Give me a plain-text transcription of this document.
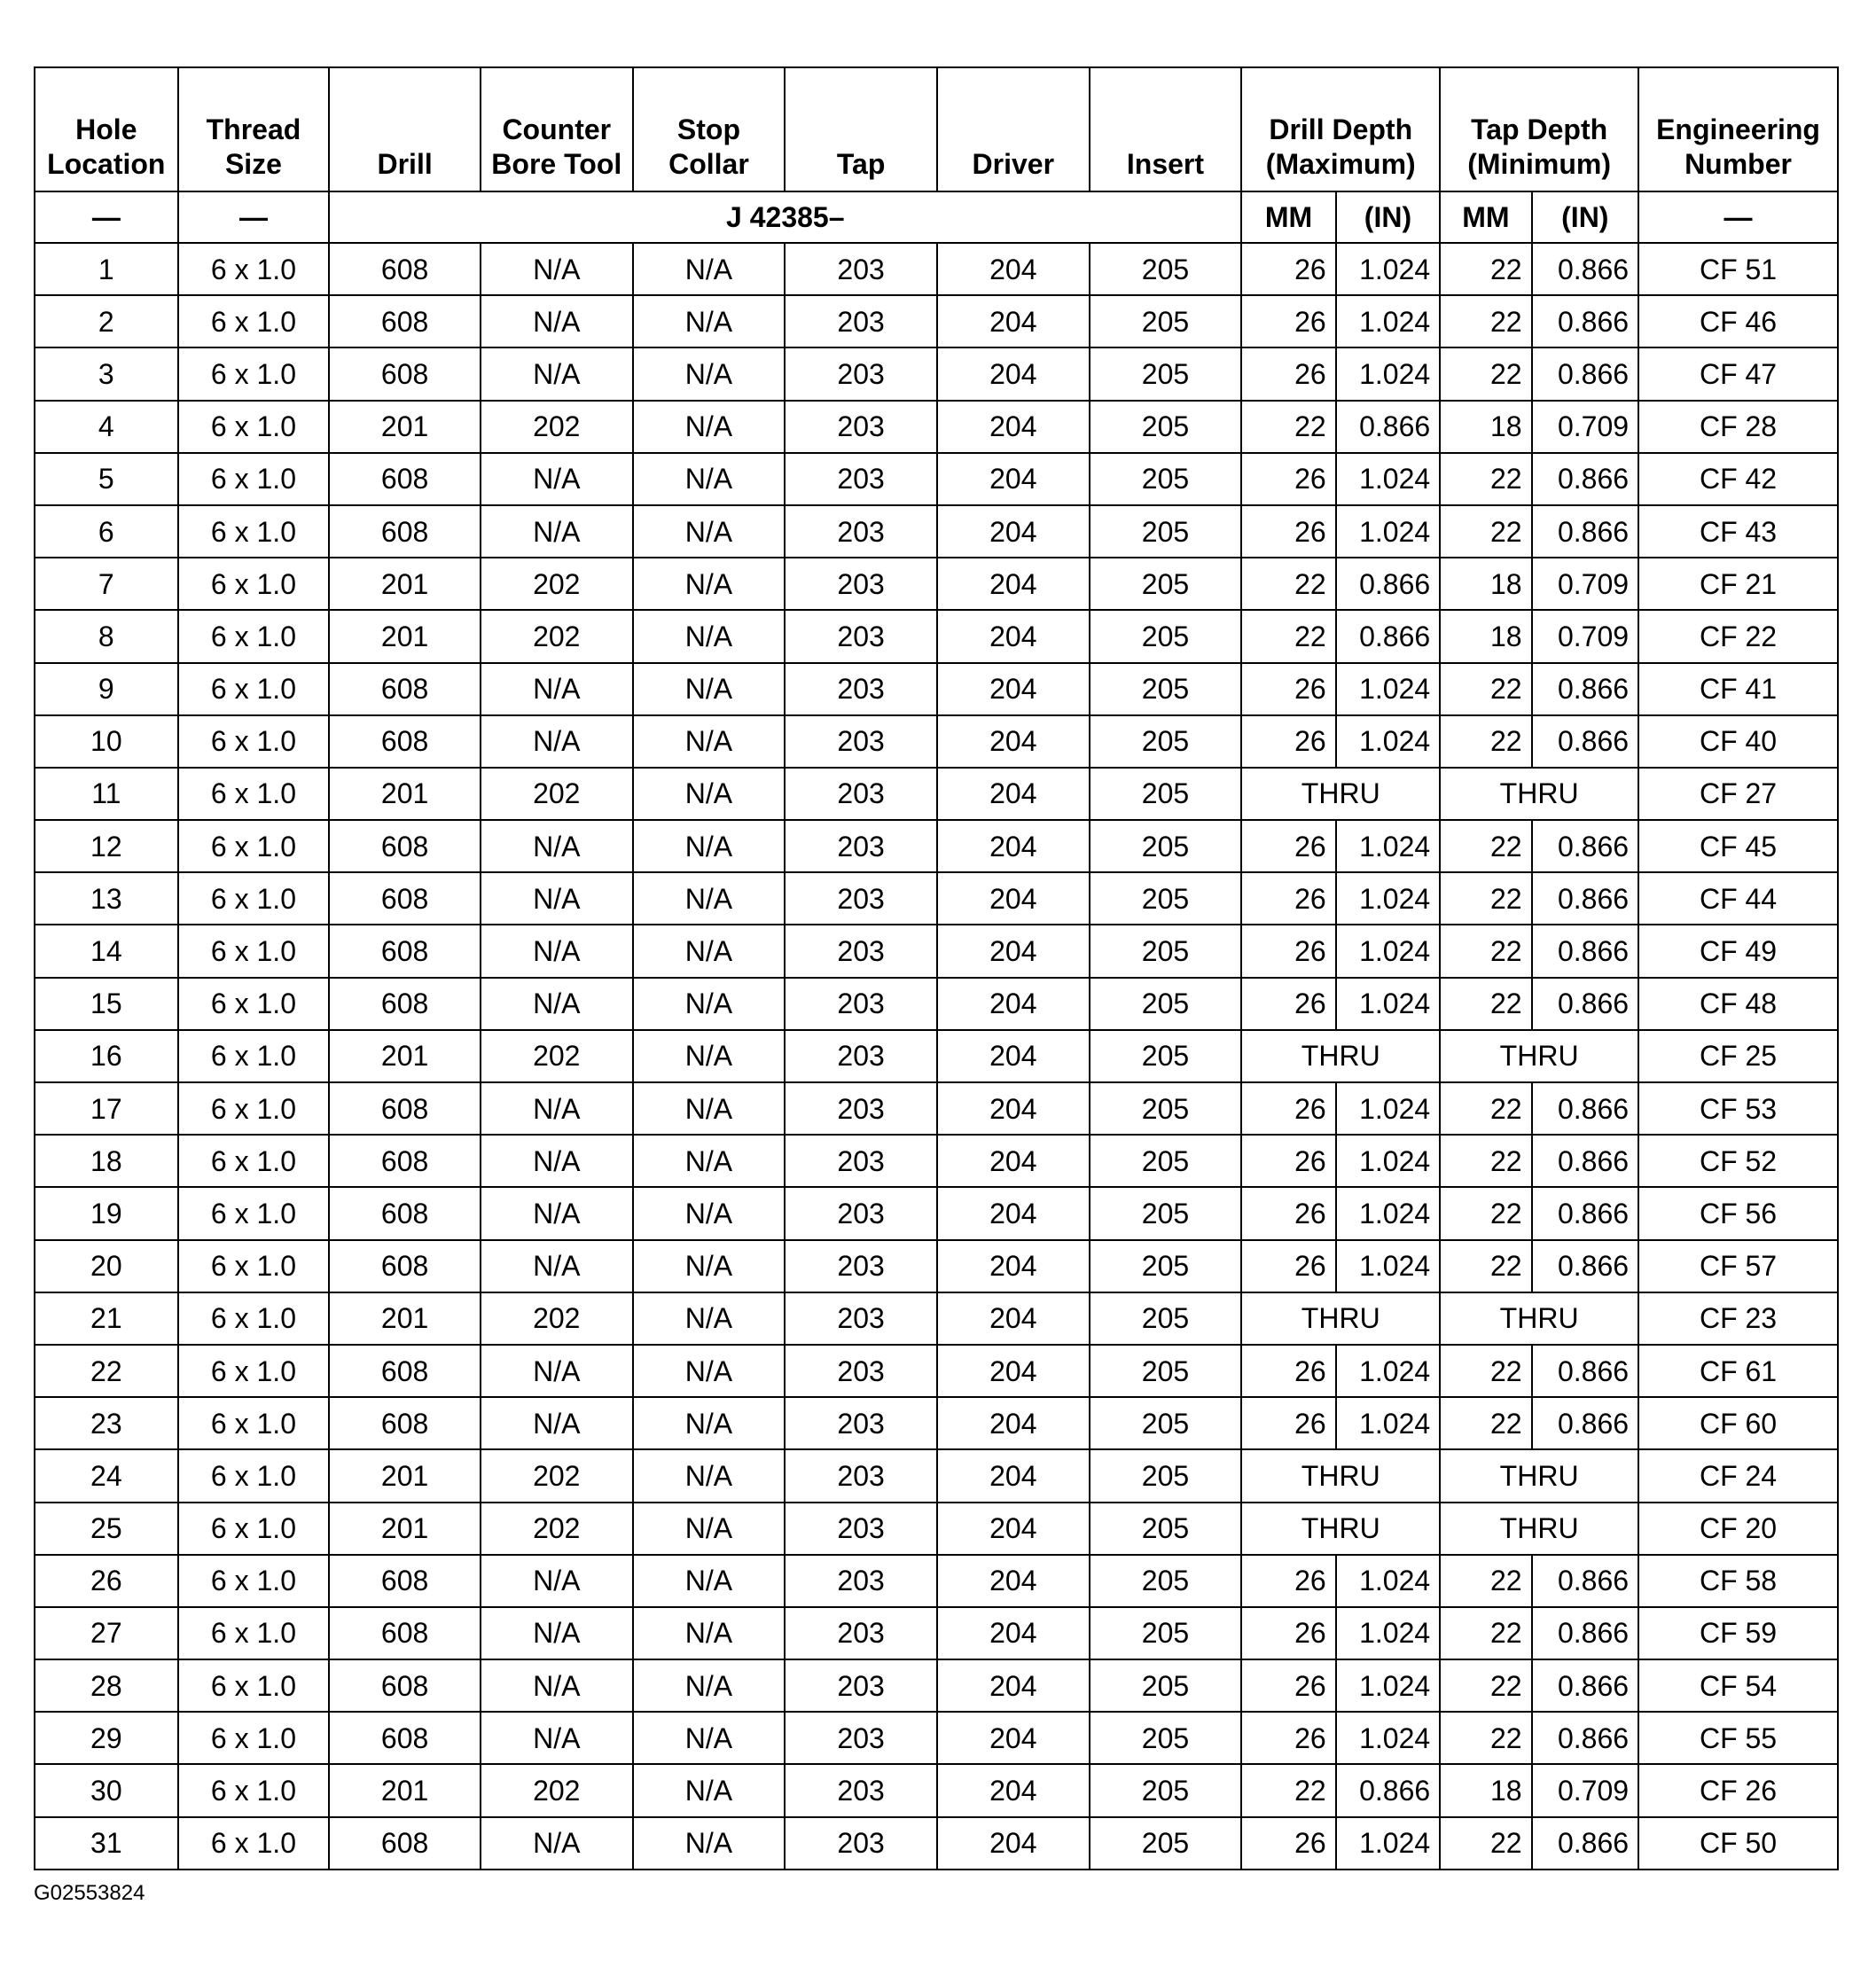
Hole Location	Thread Size	Drill	Counter Bore Tool	Stop Collar	Tap	Driver	Insert	Drill Depth (Maximum)		Tap Depth (Minimum)		Engineering Number
—	—	J 42385–						MM	(IN)	MM	(IN)	—
1	6 x 1.0	608	N/A	N/A	203	204	205	26	1.024	22	0.866	CF 51
2	6 x 1.0	608	N/A	N/A	203	204	205	26	1.024	22	0.866	CF 46
3	6 x 1.0	608	N/A	N/A	203	204	205	26	1.024	22	0.866	CF 47
4	6 x 1.0	201	202	N/A	203	204	205	22	0.866	18	0.709	CF 28
5	6 x 1.0	608	N/A	N/A	203	204	205	26	1.024	22	0.866	CF 42
6	6 x 1.0	608	N/A	N/A	203	204	205	26	1.024	22	0.866	CF 43
7	6 x 1.0	201	202	N/A	203	204	205	22	0.866	18	0.709	CF 21
8	6 x 1.0	201	202	N/A	203	204	205	22	0.866	18	0.709	CF 22
9	6 x 1.0	608	N/A	N/A	203	204	205	26	1.024	22	0.866	CF 41
10	6 x 1.0	608	N/A	N/A	203	204	205	26	1.024	22	0.866	CF 40
11	6 x 1.0	201	202	N/A	203	204	205	THRU		THRU		CF 27
12	6 x 1.0	608	N/A	N/A	203	204	205	26	1.024	22	0.866	CF 45
13	6 x 1.0	608	N/A	N/A	203	204	205	26	1.024	22	0.866	CF 44
14	6 x 1.0	608	N/A	N/A	203	204	205	26	1.024	22	0.866	CF 49
15	6 x 1.0	608	N/A	N/A	203	204	205	26	1.024	22	0.866	CF 48
16	6 x 1.0	201	202	N/A	203	204	205	THRU		THRU		CF 25
17	6 x 1.0	608	N/A	N/A	203	204	205	26	1.024	22	0.866	CF 53
18	6 x 1.0	608	N/A	N/A	203	204	205	26	1.024	22	0.866	CF 52
19	6 x 1.0	608	N/A	N/A	203	204	205	26	1.024	22	0.866	CF 56
20	6 x 1.0	608	N/A	N/A	203	204	205	26	1.024	22	0.866	CF 57
21	6 x 1.0	201	202	N/A	203	204	205	THRU		THRU		CF 23
22	6 x 1.0	608	N/A	N/A	203	204	205	26	1.024	22	0.866	CF 61
23	6 x 1.0	608	N/A	N/A	203	204	205	26	1.024	22	0.866	CF 60
24	6 x 1.0	201	202	N/A	203	204	205	THRU		THRU		CF 24
25	6 x 1.0	201	202	N/A	203	204	205	THRU		THRU		CF 20
26	6 x 1.0	608	N/A	N/A	203	204	205	26	1.024	22	0.866	CF 58
27	6 x 1.0	608	N/A	N/A	203	204	205	26	1.024	22	0.866	CF 59
28	6 x 1.0	608	N/A	N/A	203	204	205	26	1.024	22	0.866	CF 54
29	6 x 1.0	608	N/A	N/A	203	204	205	26	1.024	22	0.866	CF 55
30	6 x 1.0	201	202	N/A	203	204	205	22	0.866	18	0.709	CF 26
31	6 x 1.0	608	N/A	N/A	203	204	205	26	1.024	22	0.866	CF 50
G02553824
